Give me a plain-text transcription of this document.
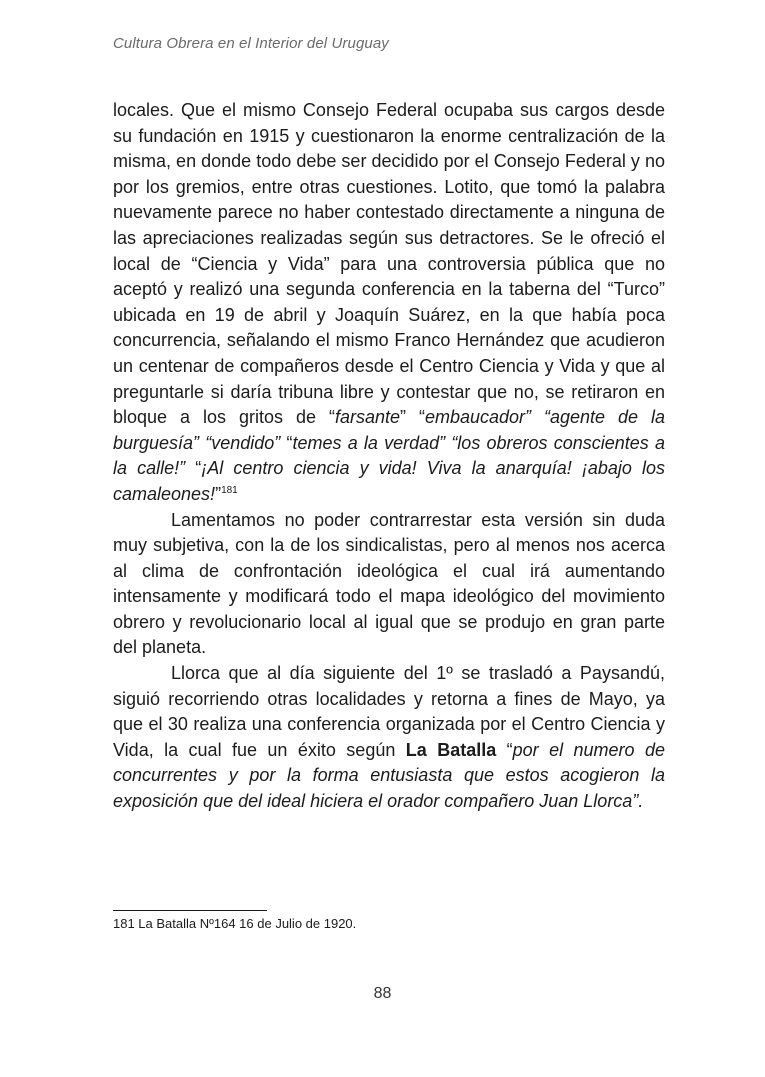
Cultura Obrera en el Interior del Uruguay

locales. Que el mismo Consejo Federal ocupaba sus cargos desde su fundación en 1915 y cuestionaron la enorme centralización de la misma, en donde todo debe ser decidido por el Consejo Federal y no por los gremios, entre otras cuestiones. Lotito, que tomó la palabra nuevamente parece no haber contestado directamente a ninguna de las apreciaciones realizadas según sus detractores. Se le ofreció el local de “Ciencia y Vida” para una controversia pública que no aceptó y realizó una segunda conferencia en la taberna del “Turco” ubicada en 19 de abril y Joaquín Suárez, en la que había poca concurrencia, señalando el mismo Franco Hernández que acudieron un centenar de compañeros desde el Centro Ciencia y Vida y que al preguntarle si daría tribuna libre y contestar que no, se retiraron en bloque a los gritos de “farsante” “embaucador” “agente de la burguesía” “vendido” “temes a la verdad” “los obreros conscientes a la calle!” “¡Al centro ciencia y vida! Viva la anarquía! ¡abajo los camaleones!”$^{181}$

Lamentamos no poder contrarrestar esta versión sin duda muy subjetiva, con la de los sindicalistas, pero al menos nos acerca al clima de confrontación ideológica el cual irá aumentando intensamente y modificará todo el mapa ideológico del movimiento obrero y revolucionario local al igual que se produjo en gran parte del planeta.

Llorca que al día siguiente del 1º se trasladó a Paysandú, siguió recorriendo otras localidades y retorna a fines de Mayo, ya que el 30 realiza una conferencia organizada por el Centro Ciencia y Vida, la cual fue un éxito según La Batalla “por el numero de concurrentes y por la forma entusiasta que estos acogieron la exposición que del ideal hiciera el orador compañero Juan Llorca”.

181 La Batalla Nº164 16 de Julio de 1920.
88
